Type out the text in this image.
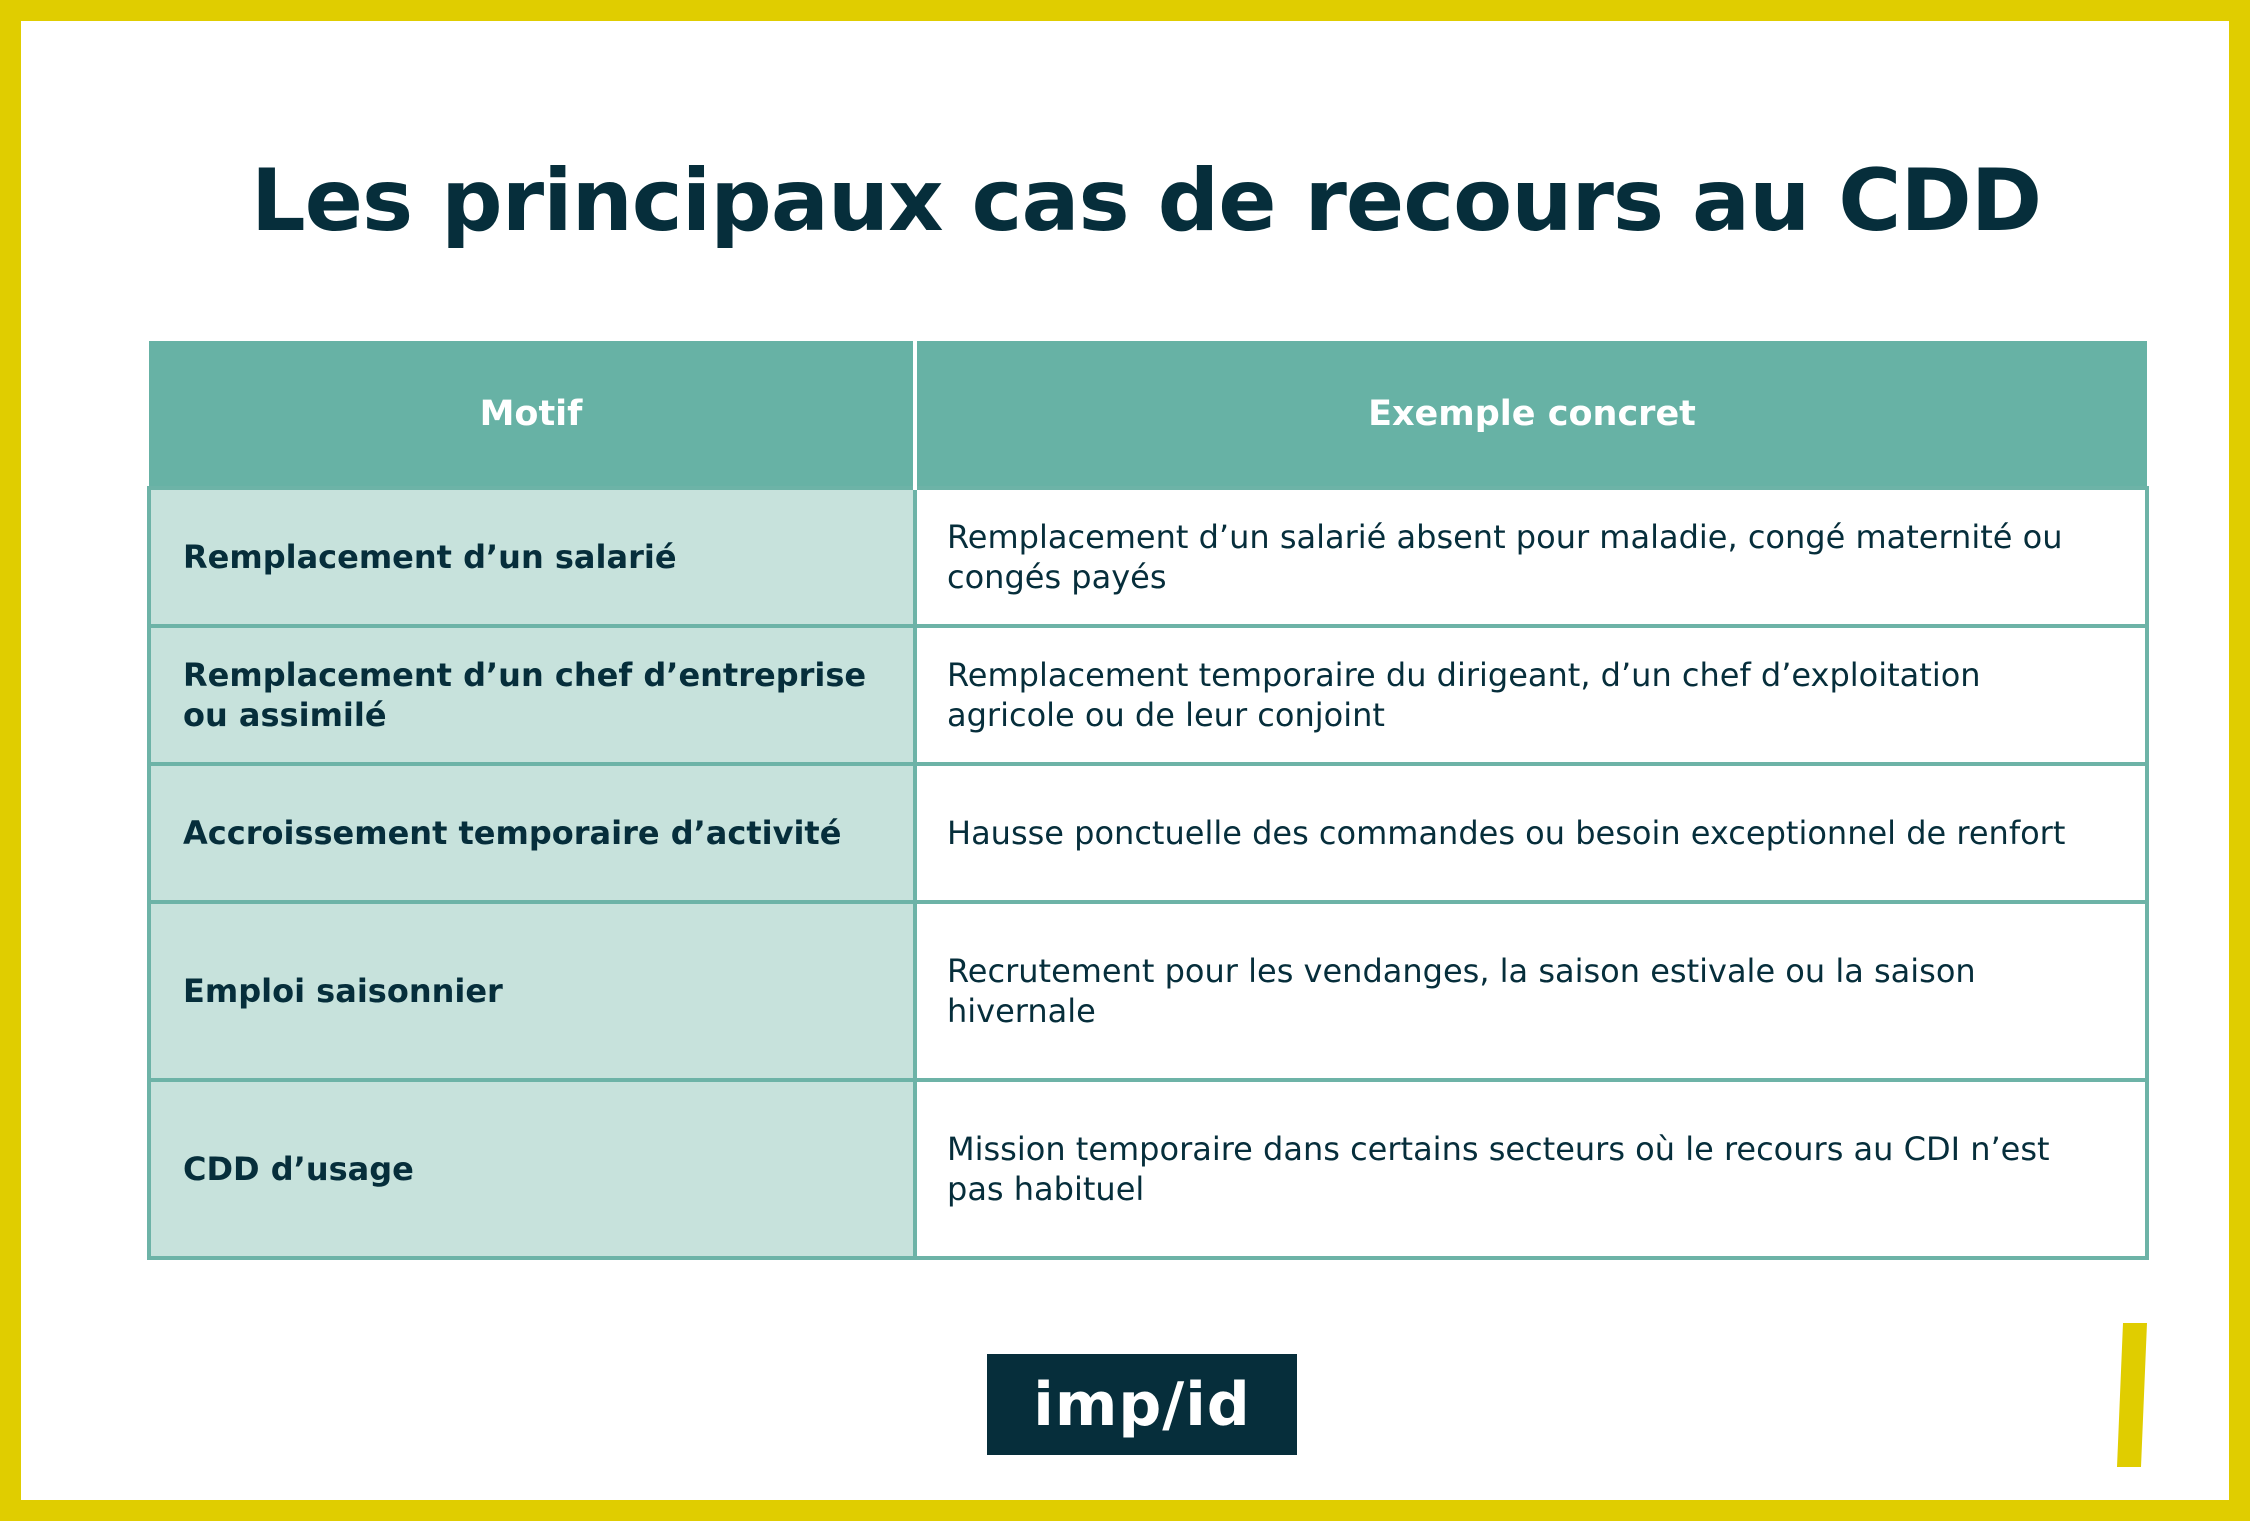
Les principaux cas de recours au CDD
Motif	Exemple concret
Remplacement d’un salarié	Remplacement d’un salarié absent pour maladie, congé maternité ou congés payés
Remplacement d’un chef d’entreprise ou assimilé	Remplacement temporaire du dirigeant, d’un chef d’exploitation agricole ou de leur conjoint
Accroissement temporaire d’activité	Hausse ponctuelle des commandes ou besoin exceptionnel de renfort
Emploi saisonnier	Recrutement pour les vendanges, la saison estivale ou la saison hivernale
CDD d’usage	Mission temporaire dans certains secteurs où le recours au CDI n’est pas habituel
imp/id
